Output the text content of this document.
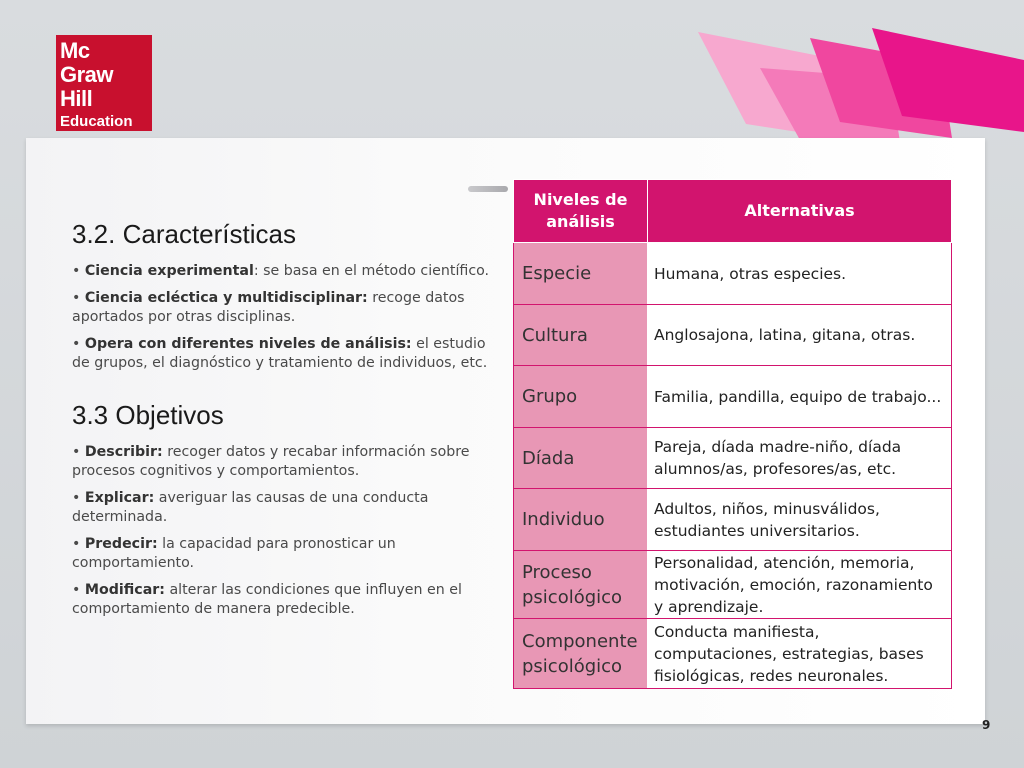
Mc
Graw
Hill
Education
3.2. Características

• Ciencia experimental: se basa en el método científico.

• Ciencia ecléctica y multidisciplinar: recoge datos aportados por otras disciplinas.

• Opera con diferentes niveles de análisis: el estudio de grupos, el diagnóstico y tratamiento de individuos, etc.

3.3 Objetivos

• Describir: recoger datos y recabar información sobre procesos cognitivos y comportamientos.

• Explicar: averiguar las causas de una conducta determinada.

• Predecir: la capacidad para pronosticar un comportamiento.

• Modificar: alterar las condiciones que influyen en el comportamiento de manera predecible.

Niveles de análisis	Alternativas
Especie	Humana, otras especies.
Cultura	Anglosajona, latina, gitana, otras.
Grupo	Familia, pandilla, equipo de trabajo...
Díada	Pareja, díada madre-niño, díada alumnos/as, profesores/as, etc.
Individuo	Adultos, niños, minusválidos, estudiantes universitarios.
Proceso psicológico	Personalidad, atención, memoria, motivación, emoción, razonamiento y aprendizaje.
Componente psicológico	Conducta manifiesta, computaciones, estrategias, bases fisiológicas, redes neuronales.
9
